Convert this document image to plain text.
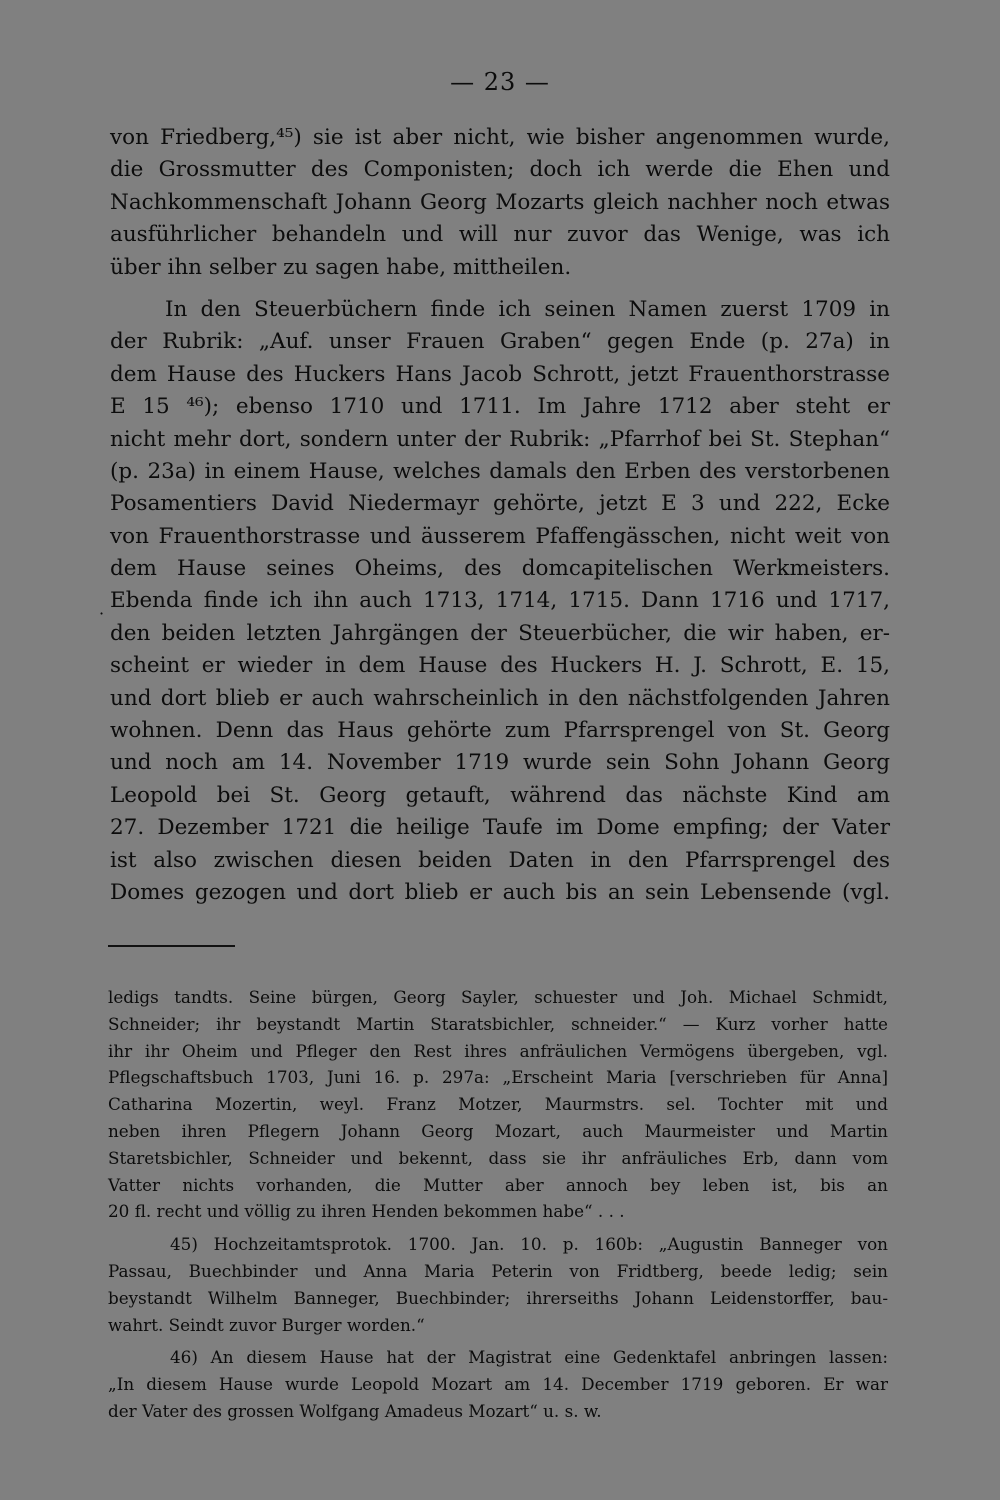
— 23 —
·
von Friedberg,⁴⁵) sie ist aber nicht, wie bisher angenommen wurde,
die Grossmutter des Componisten; doch ich werde die Ehen und
Nachkommenschaft Johann Georg Mozarts gleich nachher noch etwas
ausführlicher behandeln und will nur zuvor das Wenige, was ich
über ihn selber zu sagen habe, mittheilen.
In den Steuerbüchern finde ich seinen Namen zuerst 1709 in
der Rubrik: „Auf. unser Frauen Graben“ gegen Ende (p. 27a) in
dem Hause des Huckers Hans Jacob Schrott, jetzt Frauenthorstrasse
E 15 ⁴⁶); ebenso 1710 und 1711. Im Jahre 1712 aber steht er
nicht mehr dort, sondern unter der Rubrik: „Pfarrhof bei St. Stephan“
(p. 23a) in einem Hause, welches damals den Erben des verstorbenen
Posamentiers David Niedermayr gehörte, jetzt E 3 und 222, Ecke
von Frauenthorstrasse und äusserem Pfaffengässchen, nicht weit von
dem Hause seines Oheims, des domcapitelischen Werkmeisters.
Ebenda finde ich ihn auch 1713, 1714, 1715. Dann 1716 und 1717,
den beiden letzten Jahrgängen der Steuerbücher, die wir haben, er-
scheint er wieder in dem Hause des Huckers H. J. Schrott, E. 15,
und dort blieb er auch wahrscheinlich in den nächstfolgenden Jahren
wohnen. Denn das Haus gehörte zum Pfarrsprengel von St. Georg
und noch am 14. November 1719 wurde sein Sohn Johann Georg
Leopold bei St. Georg getauft, während das nächste Kind am
27. Dezember 1721 die heilige Taufe im Dome empfing; der Vater
ist also zwischen diesen beiden Daten in den Pfarrsprengel des
Domes gezogen und dort blieb er auch bis an sein Lebensende (vgl.
ledigs tandts. Seine bürgen, Georg Sayler, schuester und Joh. Michael Schmidt,
Schneider; ihr beystandt Martin Staratsbichler, schneider.“ — Kurz vorher hatte
ihr ihr Oheim und Pfleger den Rest ihres anfräulichen Vermögens übergeben, vgl.
Pflegschaftsbuch 1703, Juni 16. p. 297a: „Erscheint Maria [verschrieben für Anna]
Catharina Mozertin, weyl. Franz Motzer, Maurmstrs. sel. Tochter mit und
neben ihren Pflegern Johann Georg Mozart, auch Maurmeister und Martin
Staretsbichler, Schneider und bekennt, dass sie ihr anfräuliches Erb, dann vom
Vatter nichts vorhanden, die Mutter aber annoch bey leben ist, bis an
20 fl. recht und völlig zu ihren Henden bekommen habe“ . . .
45) Hochzeitamtsprotok. 1700. Jan. 10. p. 160b: „Augustin Banneger von
Passau, Buechbinder und Anna Maria Peterin von Fridtberg, beede ledig; sein
beystandt Wilhelm Banneger, Buechbinder; ihrerseiths Johann Leidenstorffer, bau-
wahrt. Seindt zuvor Burger worden.“
46) An diesem Hause hat der Magistrat eine Gedenktafel anbringen lassen:
„In diesem Hause wurde Leopold Mozart am 14. December 1719 geboren. Er war
der Vater des grossen Wolfgang Amadeus Mozart“ u. s. w.
